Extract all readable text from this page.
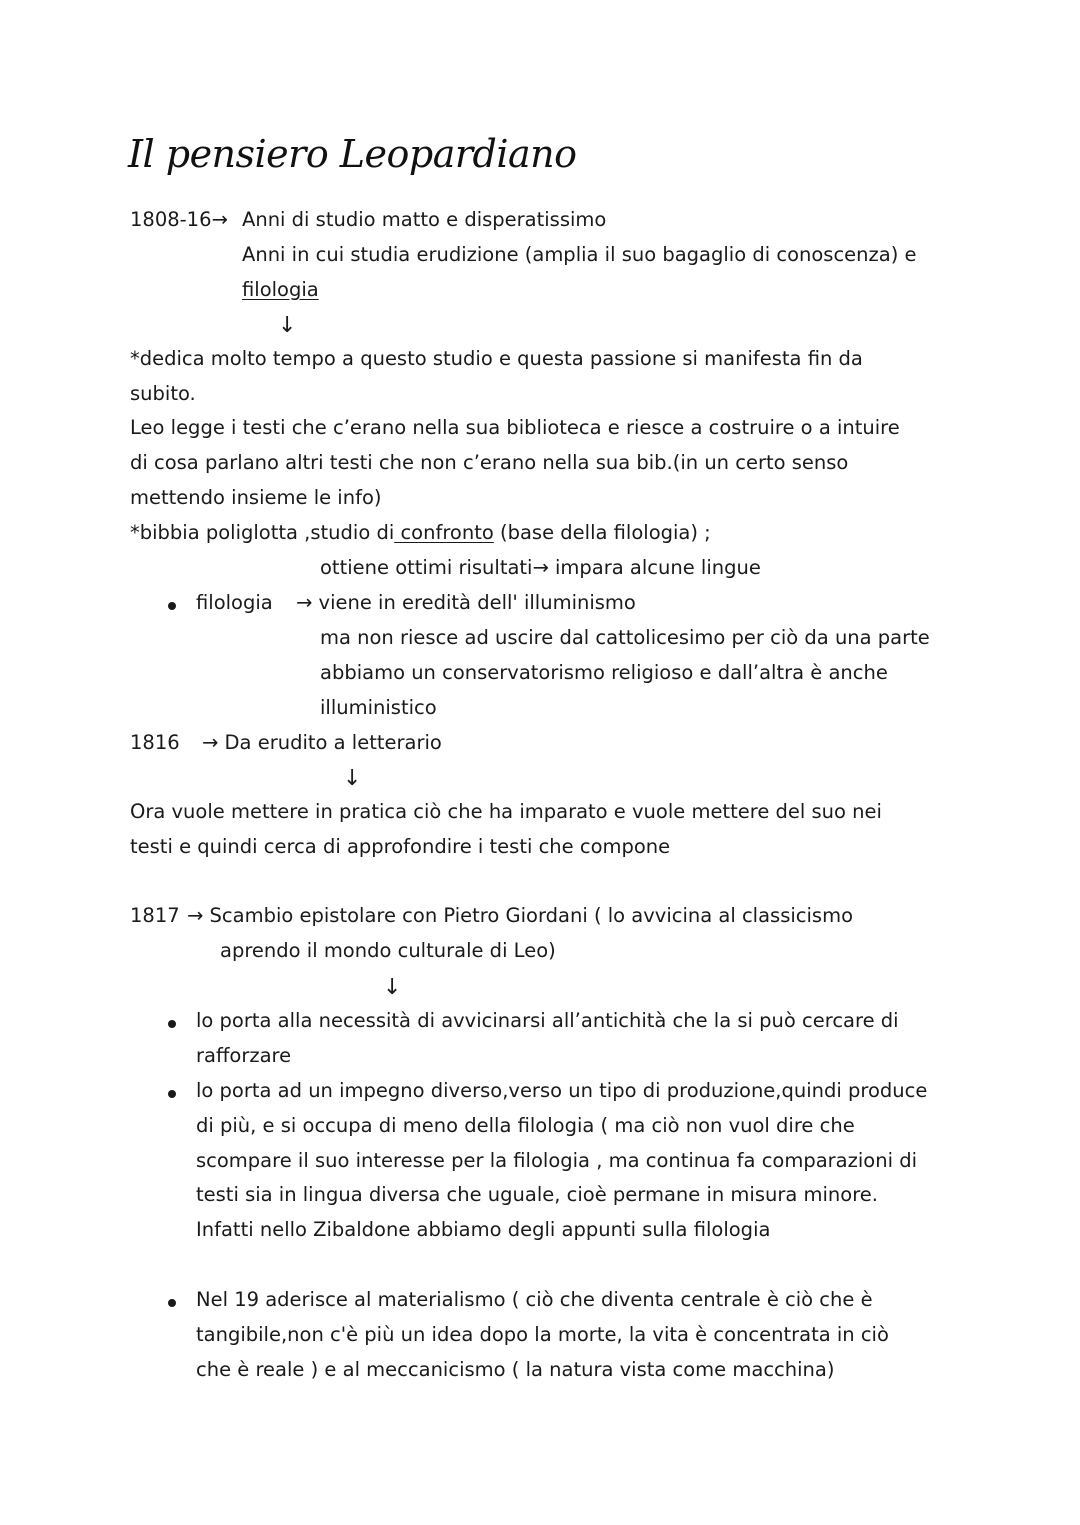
Il pensiero Leopardiano
1808-16→ Anni di studio matto e disperatissimo
Anni in cui studia erudizione (amplia il suo bagaglio di conoscenza) e
filologia
↓
*dedica molto tempo a questo studio e questa passione si manifesta fin da
subito.
Leo legge i testi che c’erano nella sua biblioteca e riesce a costruire o a intuire
di cosa parlano altri testi che non c’erano nella sua bib.(in un certo senso
mettendo insieme le info)
*bibbia poliglotta ,studio di confronto (base della filologia) ;
ottiene ottimi risultati→ impara alcune lingue
filologia → viene in eredità dell' illuminismo
ma non riesce ad uscire dal cattolicesimo per ciò da una parte
abbiamo un conservatorismo religioso e dall’altra è anche
illuministico
1816 → Da erudito a letterario
↓
Ora vuole mettere in pratica ciò che ha imparato e vuole mettere del suo nei
testi e quindi cerca di approfondire i testi che compone
1817 → Scambio epistolare con Pietro Giordani ( lo avvicina al classicismo
aprendo il mondo culturale di Leo)
↓
lo porta alla necessità di avvicinarsi all’antichità che la si può cercare di
rafforzare
lo porta ad un impegno diverso,verso un tipo di produzione,quindi produce
di più, e si occupa di meno della filologia ( ma ciò non vuol dire che
scompare il suo interesse per la filologia , ma continua fa comparazioni di
testi sia in lingua diversa che uguale, cioè permane in misura minore.
Infatti nello Zibaldone abbiamo degli appunti sulla filologia
Nel 19 aderisce al materialismo ( ciò che diventa centrale è ciò che è
tangibile,non c'è più un idea dopo la morte, la vita è concentrata in ciò
che è reale ) e al meccanicismo ( la natura vista come macchina)
